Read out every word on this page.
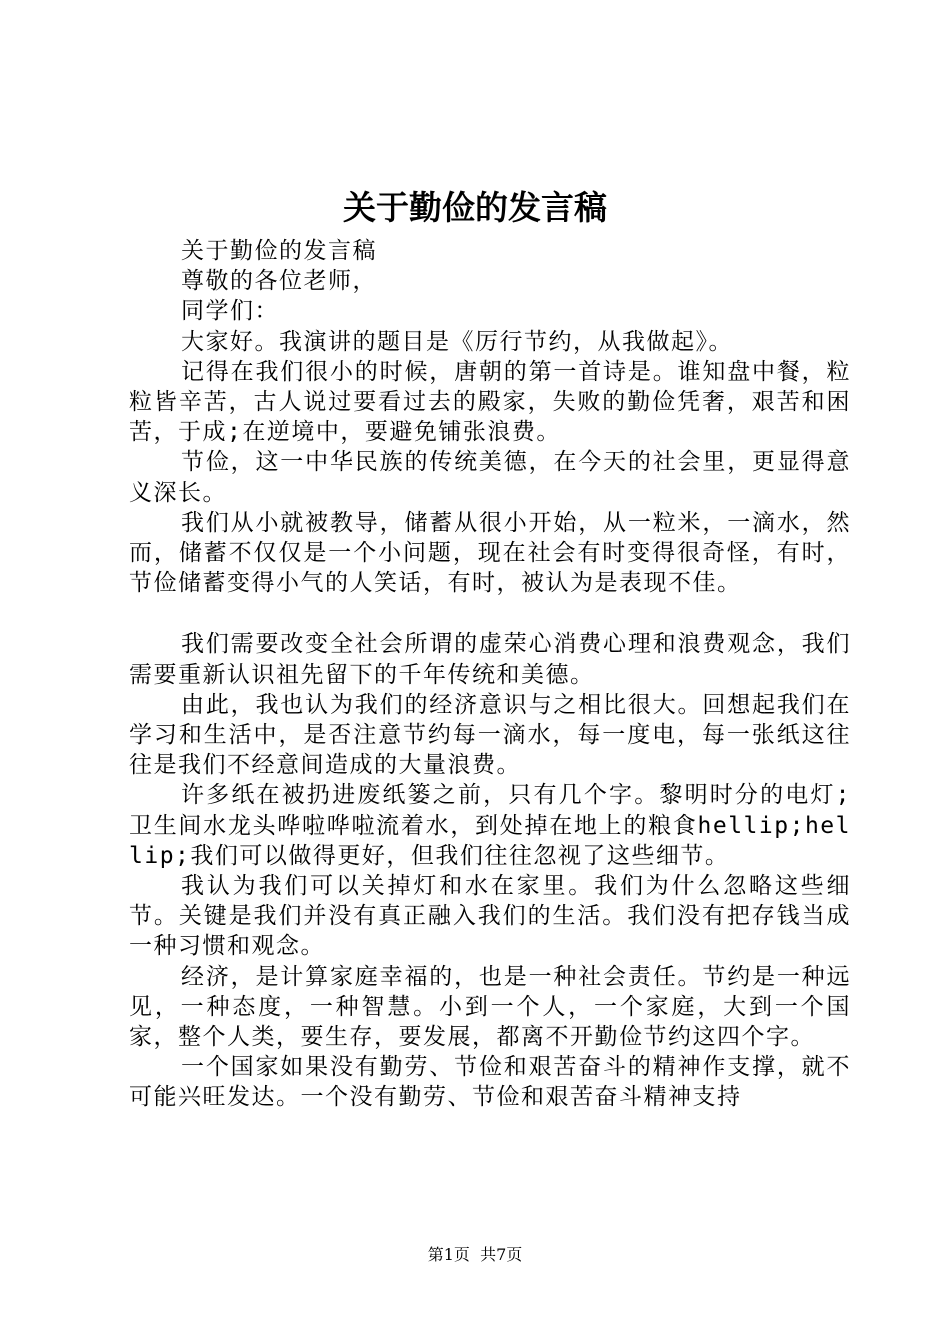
关于勤俭的发言稿

关于勤俭的发言稿

尊敬的各位老师，

同学们：

大家好。我演讲的题目是《厉行节约，从我做起》。

记得在我们很小的时候，唐朝的第一首诗是。谁知盘中餐，粒粒皆辛苦，古人说过要看过去的殿家，失败的勤俭凭奢，艰苦和困苦，于成;在逆境中，要避免铺张浪费。

节俭，这一中华民族的传统美德，在今天的社会里，更显得意义深长。

我们从小就被教导，储蓄从很小开始，从一粒米，一滴水，然而，储蓄不仅仅是一个小问题，现在社会有时变得很奇怪，有时，节俭储蓄变得小气的人笑话，有时，被认为是表现不佳。

我们需要改变全社会所谓的虚荣心消费心理和浪费观念，我们需要重新认识祖先留下的千年传统和美德。

由此，我也认为我们的经济意识与之相比很大。回想起我们在学习和生活中，是否注意节约每一滴水，每一度电，每一张纸这往往是我们不经意间造成的大量浪费。

许多纸在被扔进废纸篓之前，只有几个字。黎明时分的电灯;卫生间水龙头哗啦哗啦流着水，到处掉在地上的粮食hellip;hellip;我们可以做得更好，但我们往往忽视了这些细节。

我认为我们可以关掉灯和水在家里。我们为什么忽略这些细节。关键是我们并没有真正融入我们的生活。我们没有把存钱当成一种习惯和观念。

经济，是计算家庭幸福的，也是一种社会责任。节约是一种远见，一种态度，一种智慧。小到一个人，一个家庭，大到一个国家，整个人类，要生存，要发展，都离不开勤俭节约这四个字。

一个国家如果没有勤劳、节俭和艰苦奋斗的精神作支撑，就不可能兴旺发达。一个没有勤劳、节俭和艰苦奋斗精神支持

第1页  共7页
